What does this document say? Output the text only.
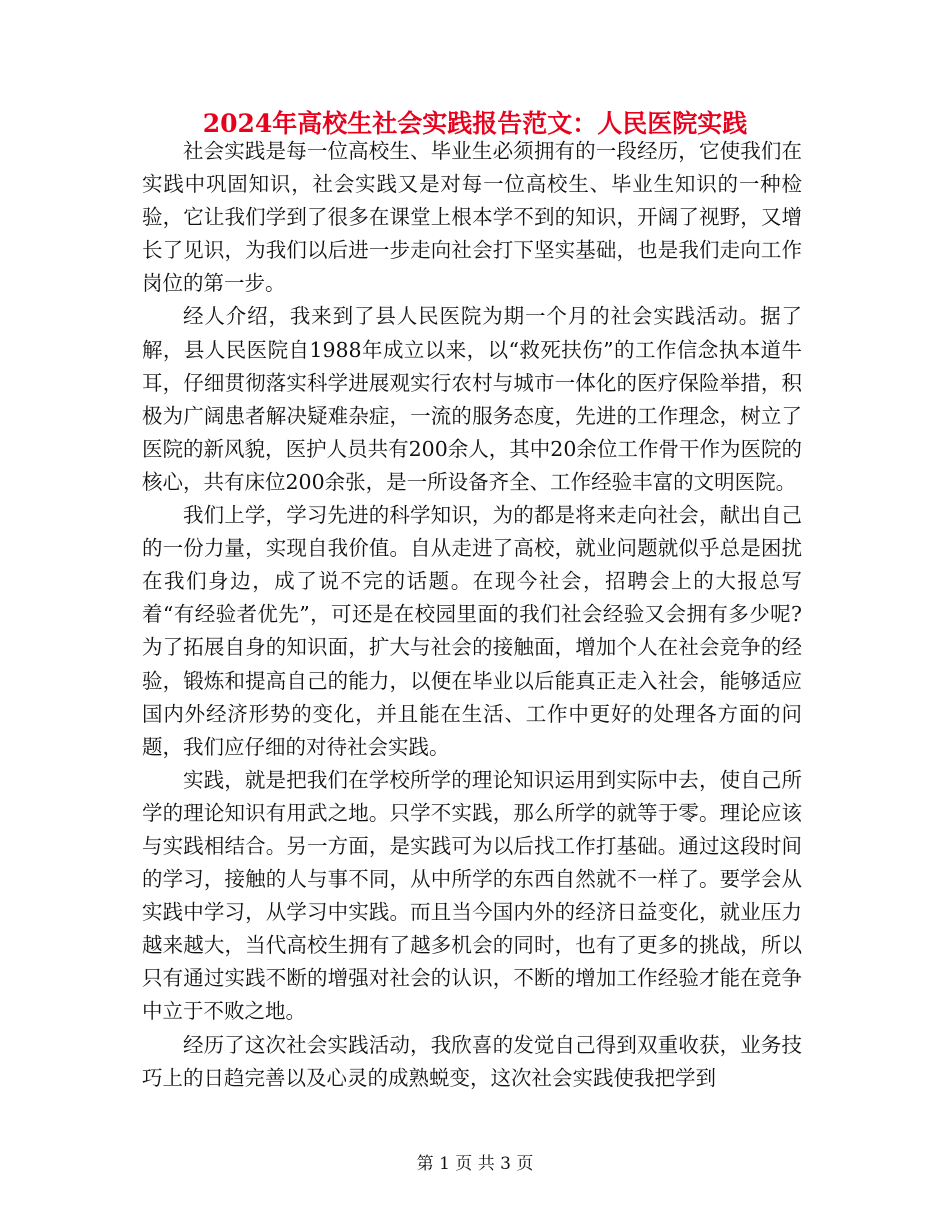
2024年高校生社会实践报告范文：人民医院实践

社会实践是每一位高校生、毕业生必须拥有的一段经历，它使我们在实践中巩固知识，社会实践又是对每一位高校生、毕业生知识的一种检验，它让我们学到了很多在课堂上根本学不到的知识，开阔了视野，又增长了见识，为我们以后进一步走向社会打下坚实基础，也是我们走向工作岗位的第一步。

经人介绍，我来到了县人民医院为期一个月的社会实践活动。据了解，县人民医院自1988年成立以来，以“救死扶伤”的工作信念执本道牛耳，仔细贯彻落实科学进展观实行农村与城市一体化的医疗保险举措，积极为广阔患者解决疑难杂症，一流的服务态度，先进的工作理念，树立了医院的新风貌，医护人员共有200余人，其中20余位工作骨干作为医院的核心，共有床位200余张，是一所设备齐全、工作经验丰富的文明医院。

我们上学，学习先进的科学知识，为的都是将来走向社会，献出自己的一份力量，实现自我价值。自从走进了高校，就业问题就似乎总是困扰在我们身边，成了说不完的话题。在现今社会，招聘会上的大报总写着“有经验者优先”，可还是在校园里面的我们社会经验又会拥有多少呢?为了拓展自身的知识面，扩大与社会的接触面，增加个人在社会竞争的经验，锻炼和提高自己的能力，以便在毕业以后能真正走入社会，能够适应国内外经济形势的变化，并且能在生活、工作中更好的处理各方面的问题，我们应仔细的对待社会实践。

实践，就是把我们在学校所学的理论知识运用到实际中去，使自己所学的理论知识有用武之地。只学不实践，那么所学的就等于零。理论应该与实践相结合。另一方面，是实践可为以后找工作打基础。通过这段时间的学习，接触的人与事不同，从中所学的东西自然就不一样了。要学会从实践中学习，从学习中实践。而且当今国内外的经济日益变化，就业压力越来越大，当代高校生拥有了越多机会的同时，也有了更多的挑战，所以只有通过实践不断的增强对社会的认识，不断的增加工作经验才能在竞争中立于不败之地。

经历了这次社会实践活动，我欣喜的发觉自己得到双重收获，业务技巧上的日趋完善以及心灵的成熟蜕变，这次社会实践使我把学到

第 1 页 共 3 页
